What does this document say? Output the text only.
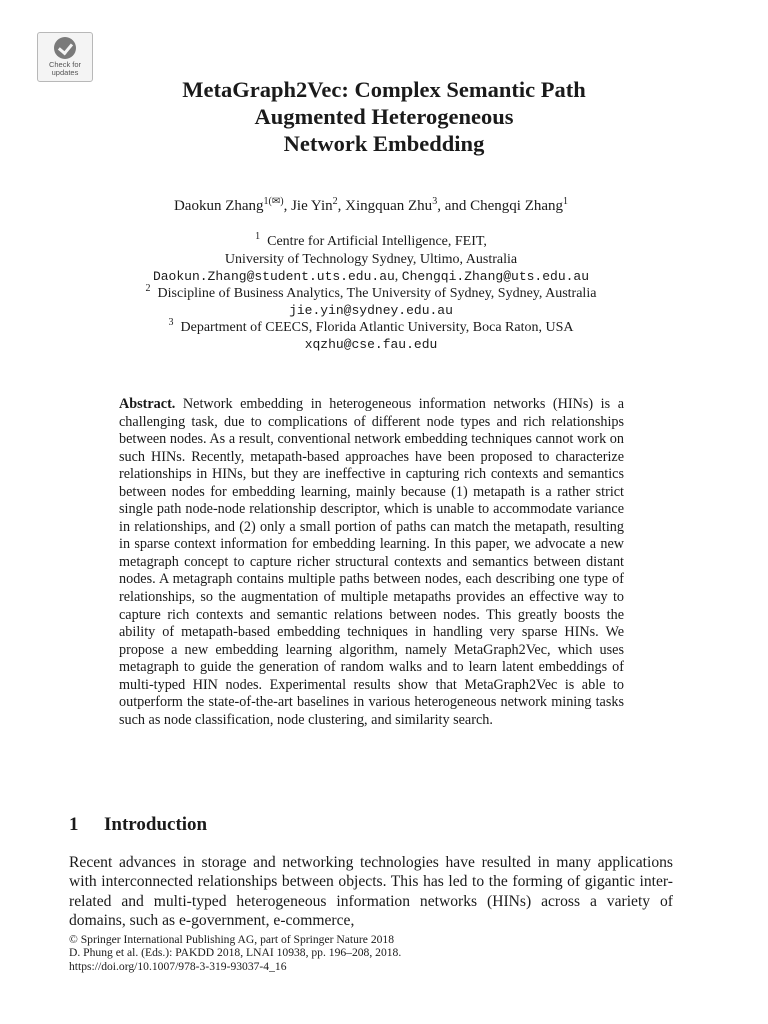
Check for
updates
MetaGraph2Vec: Complex Semantic Path
Augmented Heterogeneous
Network Embedding
Daokun Zhang$^{1(✉)}$, Jie Yin$^2$, Xingquan Zhu$^3$, and Chengqi Zhang$^1$
$^1$ Centre for Artificial Intelligence, FEIT,
University of Technology Sydney, Ultimo, Australia
Daokun.Zhang@student.uts.edu.au, Chengqi.Zhang@uts.edu.au
$^2$ Discipline of Business Analytics, The University of Sydney, Sydney, Australia
jie.yin@sydney.edu.au
$^3$ Department of CEECS, Florida Atlantic University, Boca Raton, USA
xqzhu@cse.fau.edu
Abstract. Network embedding in heterogeneous information networks (HINs) is a challenging task, due to complications of different node types and rich relationships between nodes. As a result, conventional network embedding techniques cannot work on such HINs. Recently, metapath-based approaches have been proposed to characterize relationships in HINs, but they are ineffective in capturing rich contexts and semantics between nodes for embedding learning, mainly because (1) metapath is a rather strict single path node-node relationship descriptor, which is unable to accommodate variance in relationships, and (2) only a small portion of paths can match the metapath, resulting in sparse context information for embedding learning. In this paper, we advocate a new metagraph concept to capture richer structural contexts and semantics between distant nodes. A metagraph contains multiple paths between nodes, each describing one type of relationships, so the augmentation of multiple metapaths provides an effective way to capture rich contexts and semantic relations between nodes. This greatly boosts the ability of metapath-based embedding techniques in handling very sparse HINs. We propose a new embedding learning algorithm, namely MetaGraph2Vec, which uses metagraph to guide the generation of random walks and to learn latent embeddings of multi-typed HIN nodes. Experimental results show that MetaGraph2Vec is able to outperform the state-of-the-art baselines in various heterogeneous network mining tasks such as node classification, node clustering, and similarity search.
1 Introduction
Recent advances in storage and networking technologies have resulted in many applications with interconnected relationships between objects. This has led to the forming of gigantic inter-related and multi-typed heterogeneous information networks (HINs) across a variety of domains, such as e-government, e-commerce,
© Springer International Publishing AG, part of Springer Nature 2018
D. Phung et al. (Eds.): PAKDD 2018, LNAI 10938, pp. 196–208, 2018.
https://doi.org/10.1007/978-3-319-93037-4_16
